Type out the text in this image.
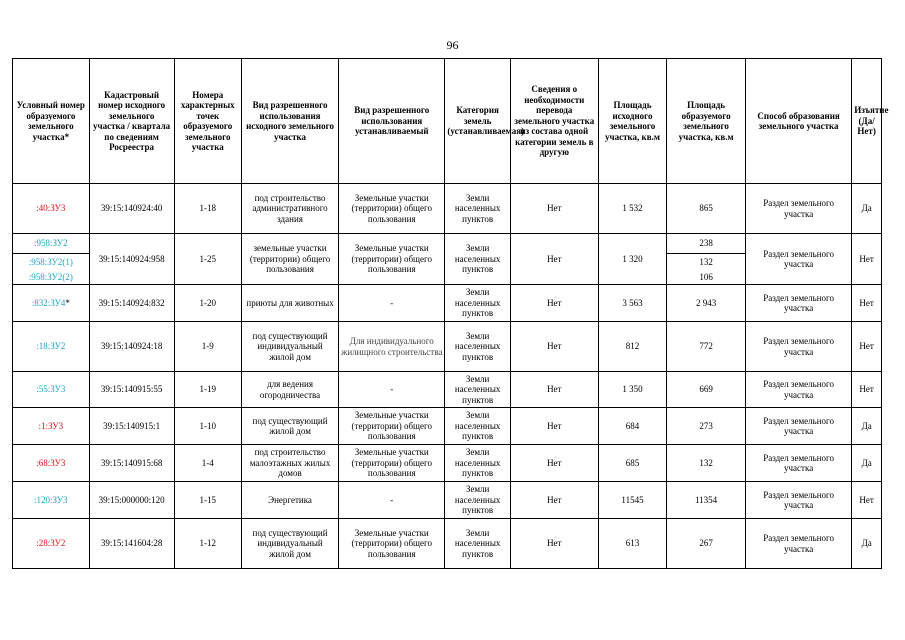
96
Условный номер образуемого земельного участка*	Кадастровый номер исходного земельного участка / квартала по сведениям Росреестра	Номера характерных точек образуемого земельного участка	Вид разрешенного использования исходного земельного участка	Вид разрешенного использования устанавливаемый	Категория земель (устанавливаемая)	Сведения о необходимости перевода земельного участка из состава одной категории земель в другую	Площадь исходного земельного участка, кв.м	Площадь образуемого земельного участка, кв.м	Способ образования земельного участка	Изъятие (Да/ Нет)
:40:ЗУ3	39:15:140924:40	1-18	под строительство административного здания	Земельные участки (территории) общего пользования	Земли населенных пунктов	Нет	1 532	865	Раздел земельного участка	Да
:958:ЗУ2	39:15:140924:958	1-25	земельные участки (территории) общего пользования	Земельные участки (территории) общего пользования	Земли населенных пунктов	Нет	1 320	238	Раздел земельного участка	Нет
:958:ЗУ2(1)								132		
:958:ЗУ2(2)								106		
:832:ЗУ4*	39:15:140924:832	1-20	приюты для животных	-	Земли населенных пунктов	Нет	3 563	2 943	Раздел земельного участка	Нет
:18:ЗУ2	39:15:140924:18	1-9	под существующий индивидуальный жилой дом	Для индивидуального жилищного строительства	Земли населенных пунктов	Нет	812	772	Раздел земельного участка	Нет
:55:ЗУ3	39:15:140915:55	1-19	для ведения огородничества	-	Земли населенных пунктов	Нет	1 350	669	Раздел земельного участка	Нет
:1:ЗУ3	39:15:140915:1	1-10	под существующий жилой дом	Земельные участки (территории) общего пользования	Земли населенных пунктов	Нет	684	273	Раздел земельного участка	Да
:68:ЗУ3	39:15:140915:68	1-4	под строительство малоэтажных жилых домов	Земельные участки (территории) общего пользования	Земли населенных пунктов	Нет	685	132	Раздел земельного участка	Да
:120:ЗУ3	39:15:000000:120	1-15	Энергетика	-	Земли населенных пунктов	Нет	11545	11354	Раздел земельного участка	Нет
:28:ЗУ2	39:15:141604:28	1-12	под существующий индивидуальный жилой дом	Земельные участки (территории) общего пользования	Земли населенных пунктов	Нет	613	267	Раздел земельного участка	Да
